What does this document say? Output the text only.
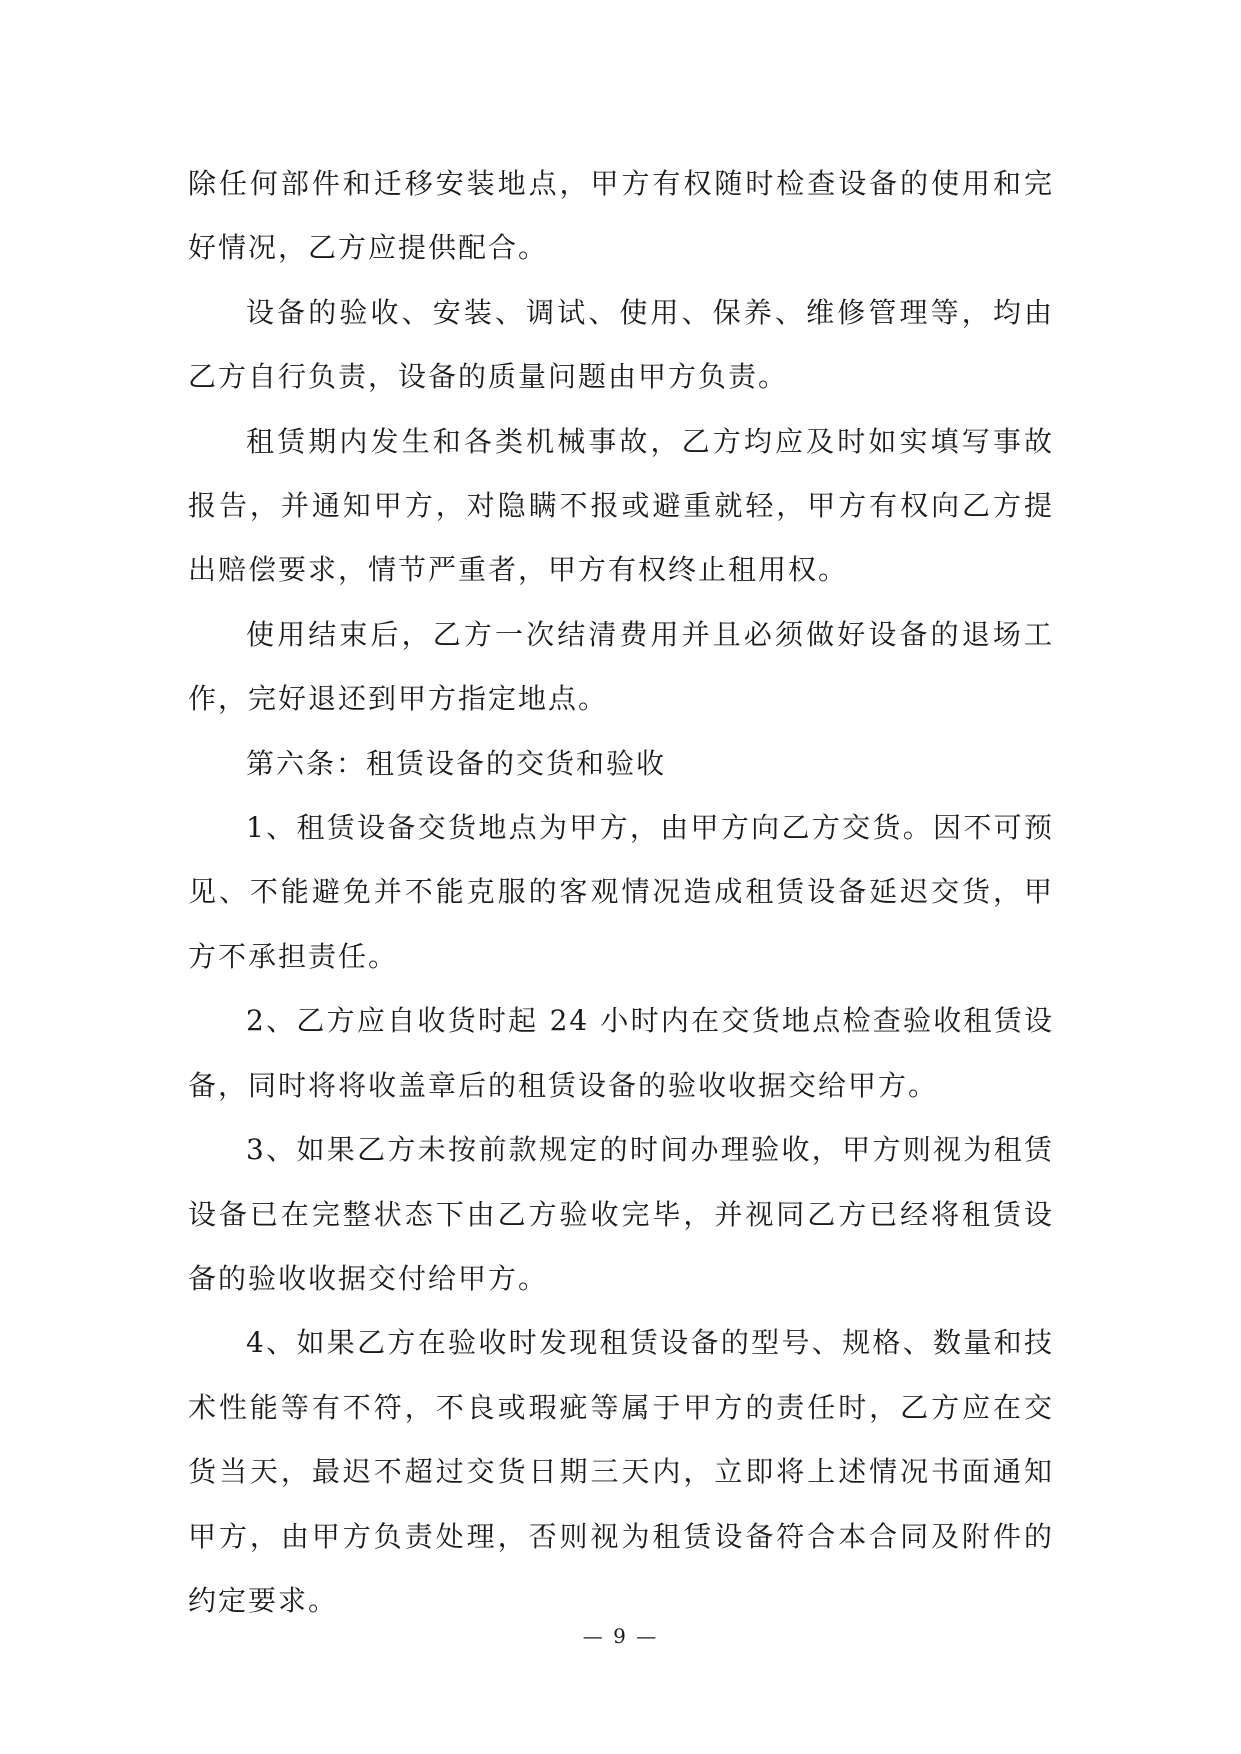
除任何部件和迁移安装地点，甲方有权随时检查设备的使用和完好情况，乙方应提供配合。

设备的验收、安装、调试、使用、保养、维修管理等，均由乙方自行负责，设备的质量问题由甲方负责。

租赁期内发生和各类机械事故，乙方均应及时如实填写事故报告，并通知甲方，对隐瞒不报或避重就轻，甲方有权向乙方提出赔偿要求，情节严重者，甲方有权终止租用权。

使用结束后，乙方一次结清费用并且必须做好设备的退场工作，完好退还到甲方指定地点。

第六条：租赁设备的交货和验收

1、租赁设备交货地点为甲方，由甲方向乙方交货。因不可预见、不能避免并不能克服的客观情况造成租赁设备延迟交货，甲方不承担责任。

2、乙方应自收货时起 24 小时内在交货地点检查验收租赁设备，同时将将收盖章后的租赁设备的验收收据交给甲方。

3、如果乙方未按前款规定的时间办理验收，甲方则视为租赁设备已在完整状态下由乙方验收完毕，并视同乙方已经将租赁设备的验收收据交付给甲方。

4、如果乙方在验收时发现租赁设备的型号、规格、数量和技术性能等有不符，不良或瑕疵等属于甲方的责任时，乙方应在交货当天，最迟不超过交货日期三天内，立即将上述情况书面通知甲方，由甲方负责处理，否则视为租赁设备符合本合同及附件的约定要求。

— 9 —
